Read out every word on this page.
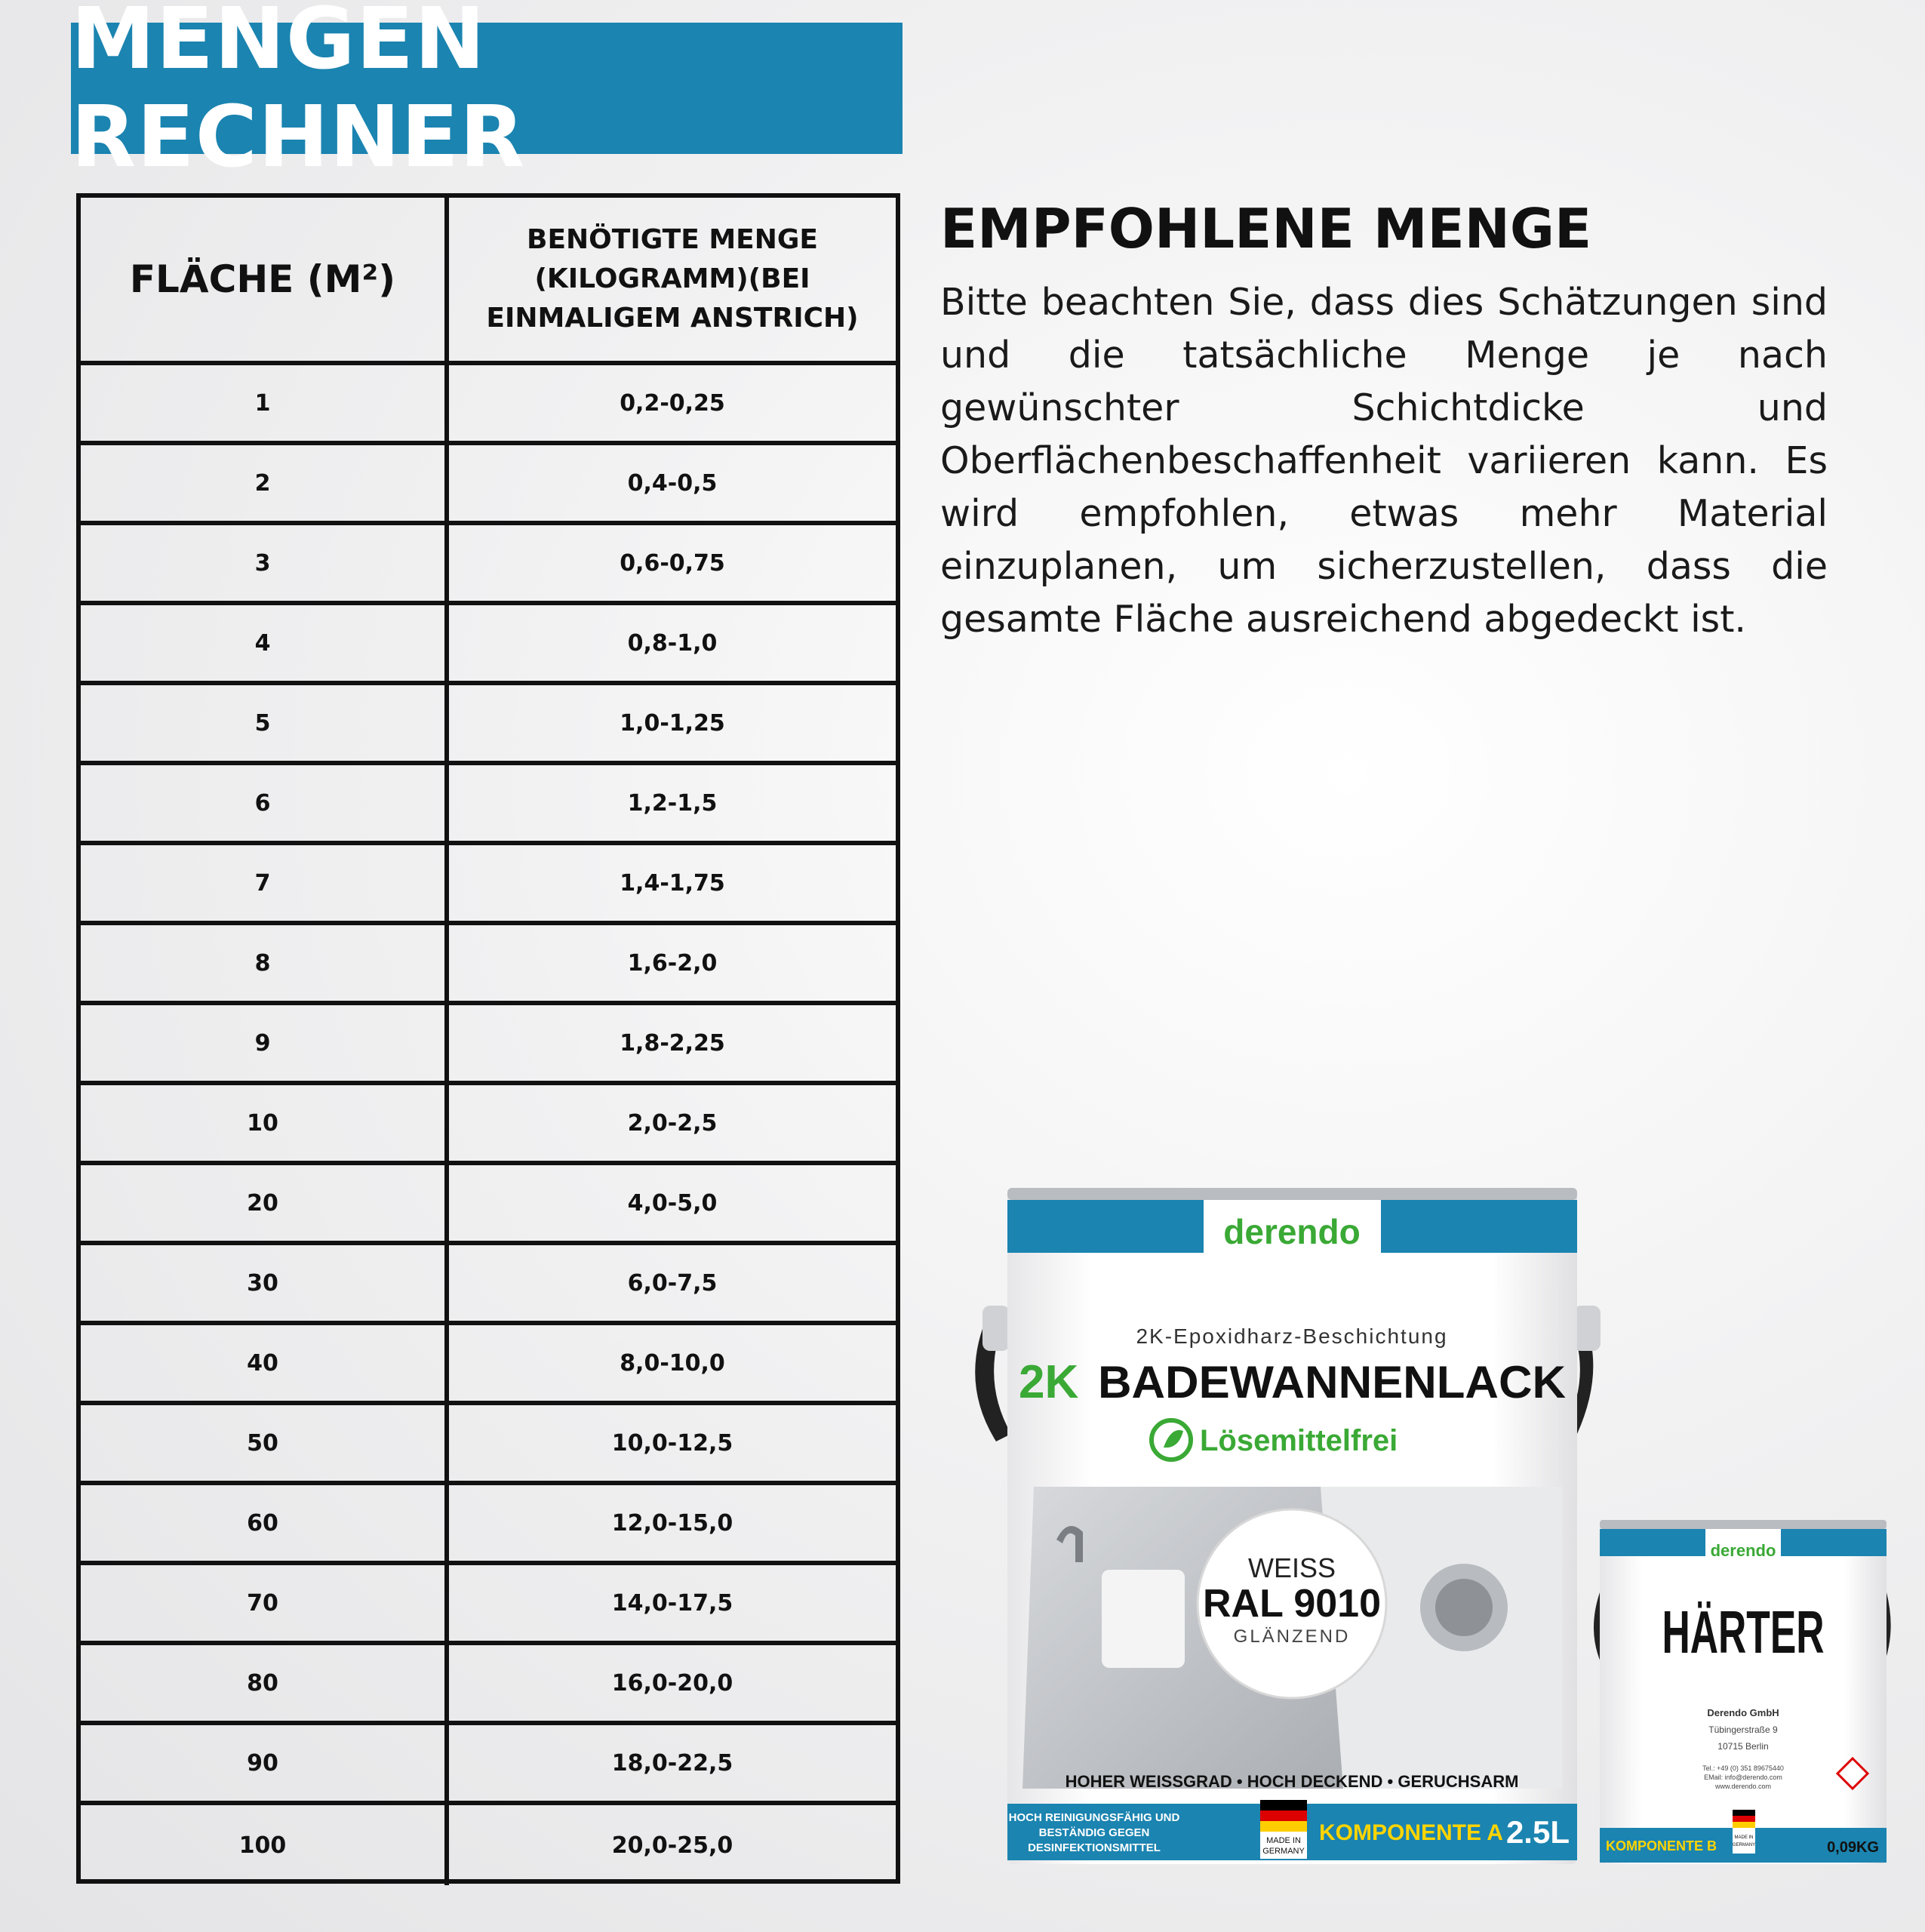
MENGEN RECHNER
FLÄCHE (M²)
BENÖTIGTE MENGE (KILOGRAMM)(BEI EINMALIGEM ANSTRICH)
1	0,2-0,25
2	0,4-0,5
3	0,6-0,75
4	0,8-1,0
5	1,0-1,25
6	1,2-1,5
7	1,4-1,75
8	1,6-2,0
9	1,8-2,25
10	2,0-2,5
20	4,0-5,0
30	6,0-7,5
40	8,0-10,0
50	10,0-12,5
60	12,0-15,0
70	14,0-17,5
80	16,0-20,0
90	18,0-22,5
100	20,0-25,0
EMPFOHLENE MENGE

Bitte beachten Sie, dass dies Schätzungen sind und die tatsächliche Menge je nach gewünschter Schichtdicke und Oberflächenbeschaffenheit variieren kann. Es wird empfohlen, etwas mehr Material einzuplanen, um sicherzustellen, dass die gesamte Fläche ausreichend abgedeckt ist.

derendo
2K-Epoxidharz-Beschichtung
2K BADEWANNENLACK
Lösemittelfrei
WEISS
RAL 9010
GLÄNZEND
HOHER WEISSGRAD • HOCH DECKEND • GERUCHSARM
HOCH REINIGUNGSFÄHIG UND
BESTÄNDIG GEGEN
DESINFEKTIONSMITTEL
MADE IN
GERMANY
KOMPONENTE A 2.5L
derendo
HÄRTER
Derendo GmbH
Tübingerstraße 9
10715 Berlin
Tel.: +49 (0) 351 89675440
EMail: info@derendo.com
www.derendo.com
KOMPONENTE B
MADE IN
GERMANY	0,09KG
